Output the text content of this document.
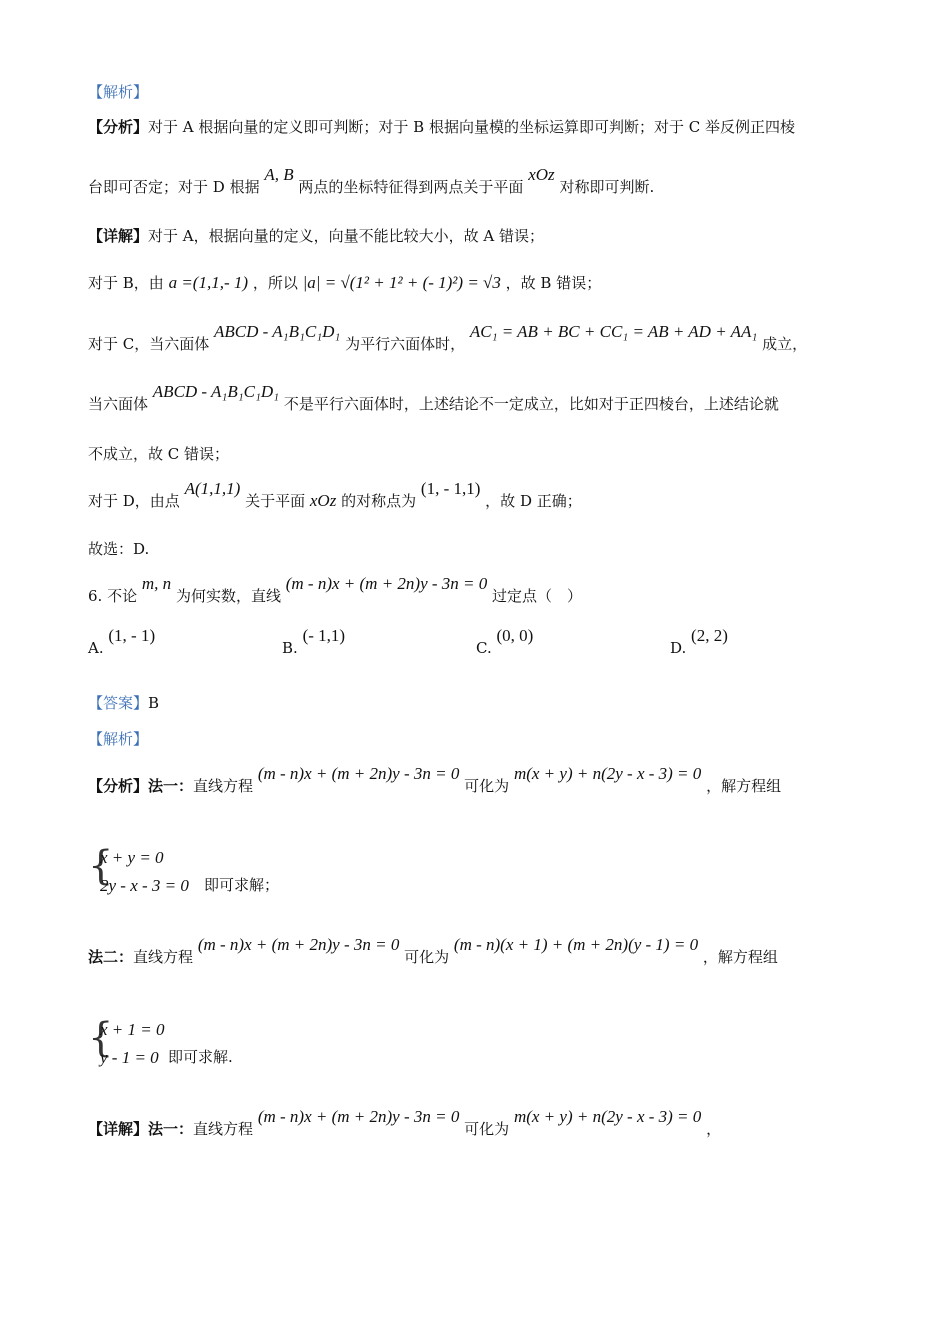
【解析】
【分析】对于 A 根据向量的定义即可判断；对于 B 根据向量模的坐标运算即可判断；对于 C 举反例正四棱
台即可否定；对于 D 根据 A, B 两点的坐标特征得到两点关于平面 xOz 对称即可判断.
【详解】对于 A，根据向量的定义，向量不能比较大小，故 A 错误；
对于 B，由 a =(1,1,- 1) ，所以 |a| = √(1² + 1² + (- 1)²) = √3 ，故 B 错误；
对于 C，当六面体 ABCD - A₁B₁C₁D₁ 为平行六面体时， AC₁ = AB + BC + CC₁ = AB + AD + AA₁ 成立，
当六面体 ABCD - A₁B₁C₁D₁ 不是平行六面体时，上述结论不一定成立，比如对于正四棱台，上述结论就
不成立，故 C 错误；
对于 D，由点 A(1,1,1) 关于平面 xOz 的对称点为 (1, - 1,1) ，故 D 正确；
故选：D.
6. 不论 m, n 为何实数，直线 (m - n)x + (m + 2n)y - 3n = 0 过定点（　）
A. (1, - 1)
B. (- 1,1)
C. (0, 0)
D. (2, 2)
【答案】B
【解析】
【分析】法一：直线方程 (m - n)x + (m + 2n)y - 3n = 0 可化为 m(x + y) + n(2y - x - 3) = 0 ，解方程组
{
x + y = 0
2y - x - 3 = 0 即可求解；
法二：直线方程 (m - n)x + (m + 2n)y - 3n = 0 可化为 (m - n)(x + 1) + (m + 2n)(y - 1) = 0 ，解方程组
{
x + 1 = 0
y - 1 = 0 即可求解.
【详解】法一：直线方程 (m - n)x + (m + 2n)y - 3n = 0 可化为 m(x + y) + n(2y - x - 3) = 0 ，
